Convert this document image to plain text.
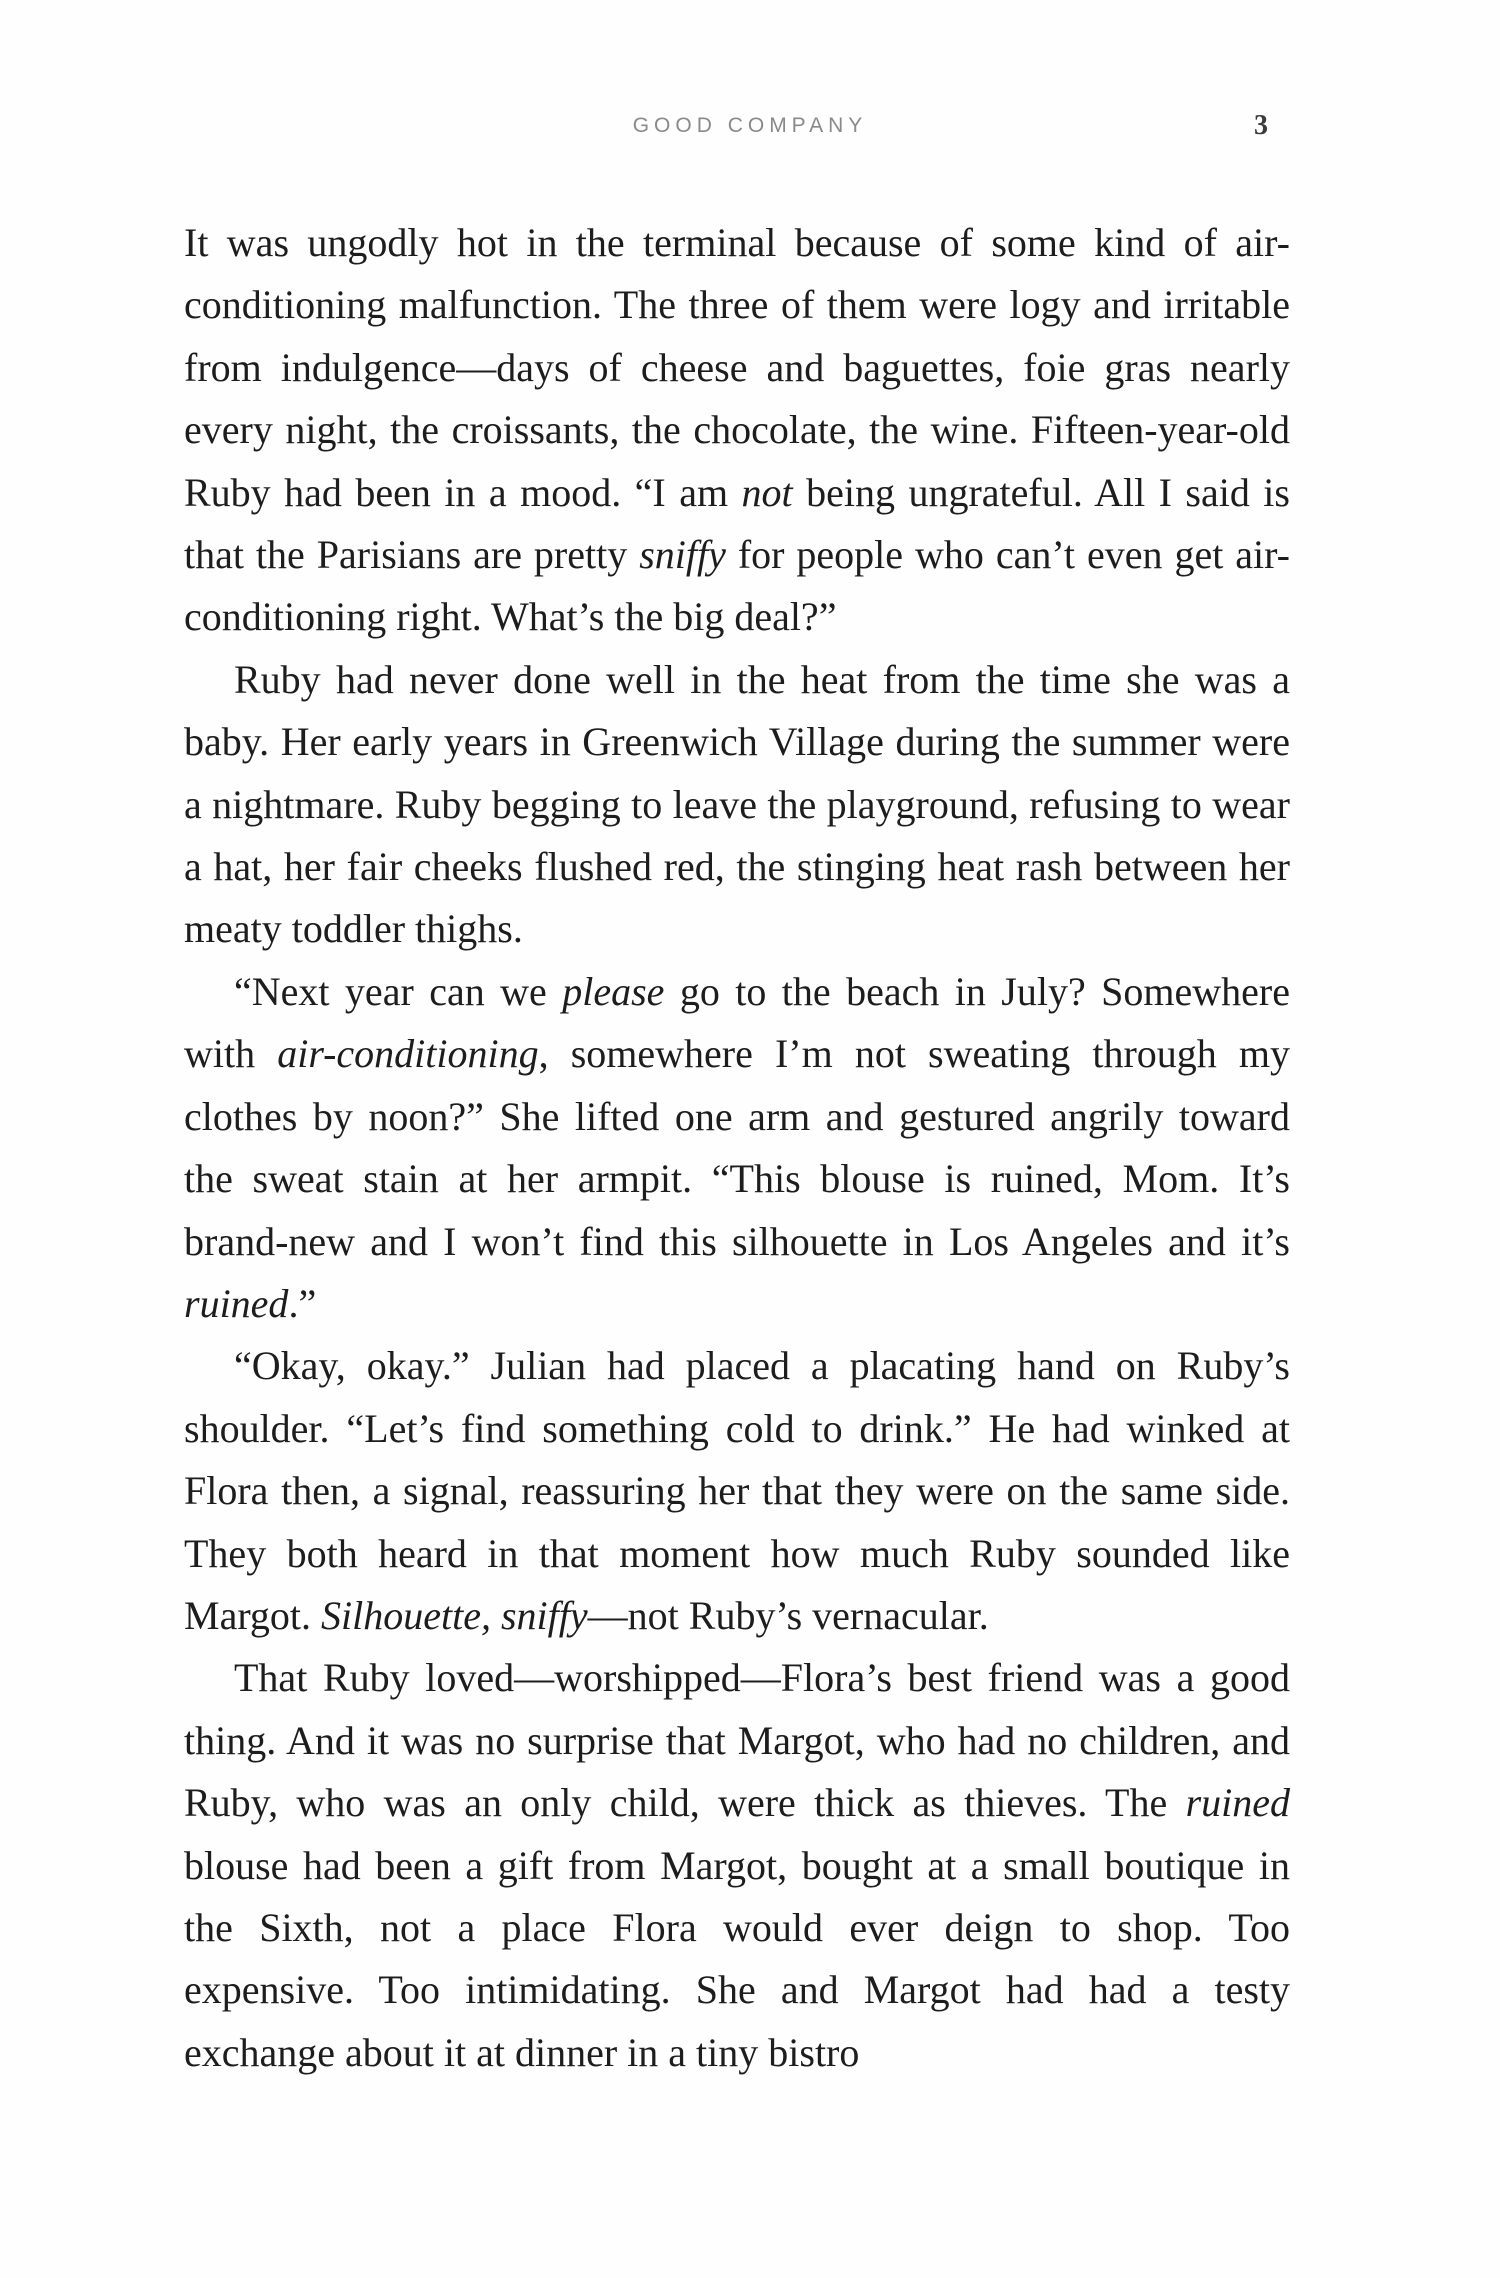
GOOD COMPANY	3

It was ungodly hot in the terminal because of some kind of air-conditioning malfunction. The three of them were logy and irritable from indulgence—days of cheese and baguettes, foie gras nearly every night, the croissants, the chocolate, the wine. Fifteen-year-old Ruby had been in a mood. “I am not being ungrateful. All I said is that the Parisians are pretty sniffy for people who can’t even get air-conditioning right. What’s the big deal?”

Ruby had never done well in the heat from the time she was a baby. Her early years in Greenwich Village during the summer were a nightmare. Ruby begging to leave the playground, refusing to wear a hat, her fair cheeks flushed red, the stinging heat rash between her meaty toddler thighs.

“Next year can we please go to the beach in July? Somewhere with air-conditioning, somewhere I’m not sweating through my clothes by noon?” She lifted one arm and gestured angrily toward the sweat stain at her armpit. “This blouse is ruined, Mom. It’s brand-new and I won’t find this silhouette in Los Angeles and it’s ruined.”

“Okay, okay.” Julian had placed a placating hand on Ruby’s shoulder. “Let’s find something cold to drink.” He had winked at Flora then, a signal, reassuring her that they were on the same side. They both heard in that moment how much Ruby sounded like Margot. Silhouette, sniffy—not Ruby’s vernacular.

That Ruby loved—worshipped—Flora’s best friend was a good thing. And it was no surprise that Margot, who had no children, and Ruby, who was an only child, were thick as thieves. The ruined blouse had been a gift from Margot, bought at a small boutique in the Sixth, not a place Flora would ever deign to shop. Too expensive. Too intimidating. She and Margot had had a testy exchange about it at dinner in a tiny bistro
